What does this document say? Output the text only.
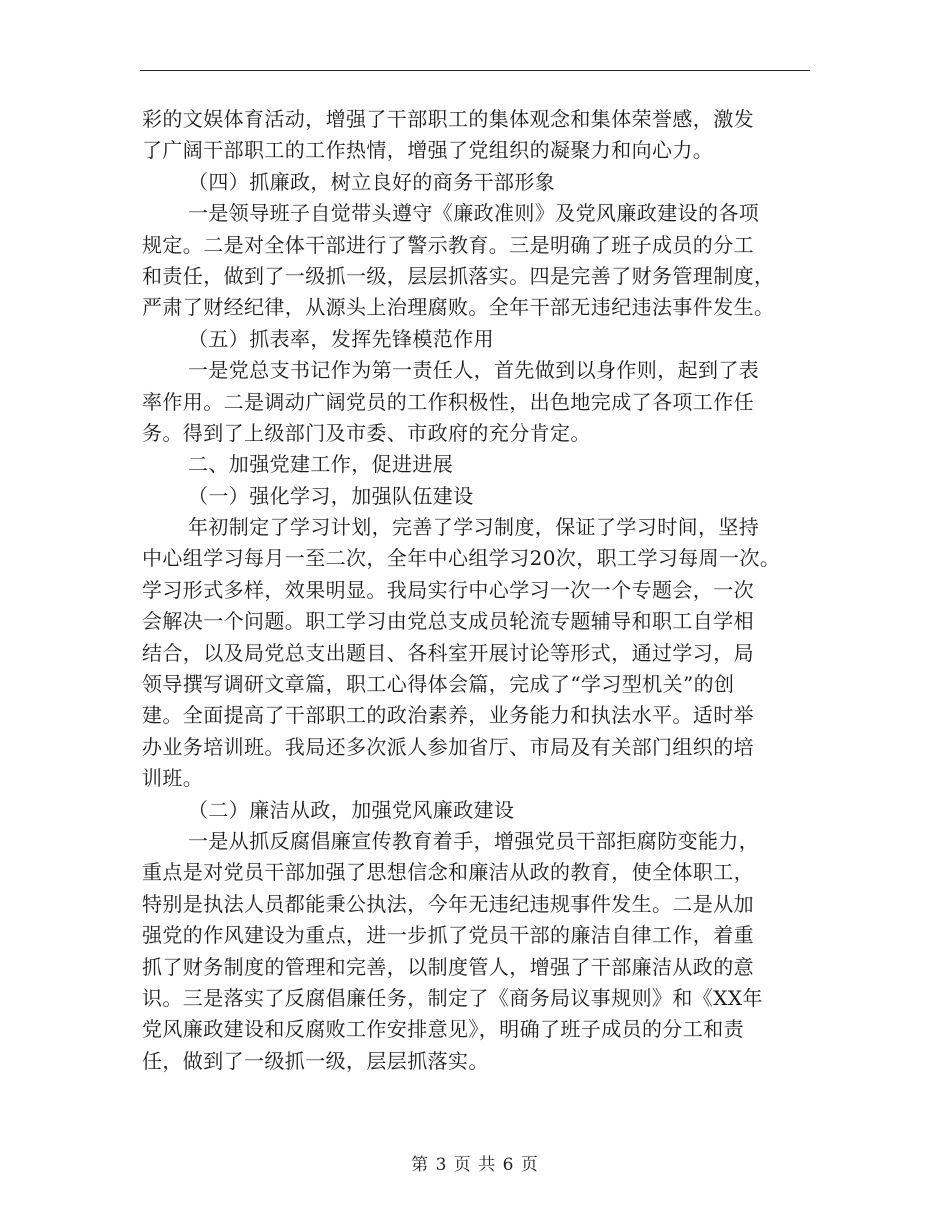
彩的文娱体育活动，增强了干部职工的集体观念和集体荣誉感，激发
了广阔干部职工的工作热情，增强了党组织的凝聚力和向心力。
（四）抓廉政，树立良好的商务干部形象
一是领导班子自觉带头遵守《廉政准则》及党风廉政建设的各项
规定。二是对全体干部进行了警示教育。三是明确了班子成员的分工
和责任，做到了一级抓一级，层层抓落实。四是完善了财务管理制度，
严肃了财经纪律，从源头上治理腐败。全年干部无违纪违法事件发生。
（五）抓表率，发挥先锋模范作用
一是党总支书记作为第一责任人，首先做到以身作则，起到了表
率作用。二是调动广阔党员的工作积极性，出色地完成了各项工作任
务。得到了上级部门及市委、市政府的充分肯定。
二、加强党建工作，促进进展
（一）强化学习，加强队伍建设
年初制定了学习计划，完善了学习制度，保证了学习时间，坚持
中心组学习每月一至二次，全年中心组学习20次，职工学习每周一次。
学习形式多样，效果明显。我局实行中心学习一次一个专题会，一次
会解决一个问题。职工学习由党总支成员轮流专题辅导和职工自学相
结合，以及局党总支出题目、各科室开展讨论等形式，通过学习，局
领导撰写调研文章篇，职工心得体会篇，完成了“学习型机关”的创
建。全面提高了干部职工的政治素养，业务能力和执法水平。适时举
办业务培训班。我局还多次派人参加省厅、市局及有关部门组织的培
训班。
（二）廉洁从政，加强党风廉政建设
一是从抓反腐倡廉宣传教育着手，增强党员干部拒腐防变能力，
重点是对党员干部加强了思想信念和廉洁从政的教育，使全体职工，
特别是执法人员都能秉公执法，今年无违纪违规事件发生。二是从加
强党的作风建设为重点，进一步抓了党员干部的廉洁自律工作，着重
抓了财务制度的管理和完善，以制度管人，增强了干部廉洁从政的意
识。三是落实了反腐倡廉任务，制定了《商务局议事规则》和《XX年
党风廉政建设和反腐败工作安排意见》，明确了班子成员的分工和责
任，做到了一级抓一级，层层抓落实。
第 3 页 共 6 页
